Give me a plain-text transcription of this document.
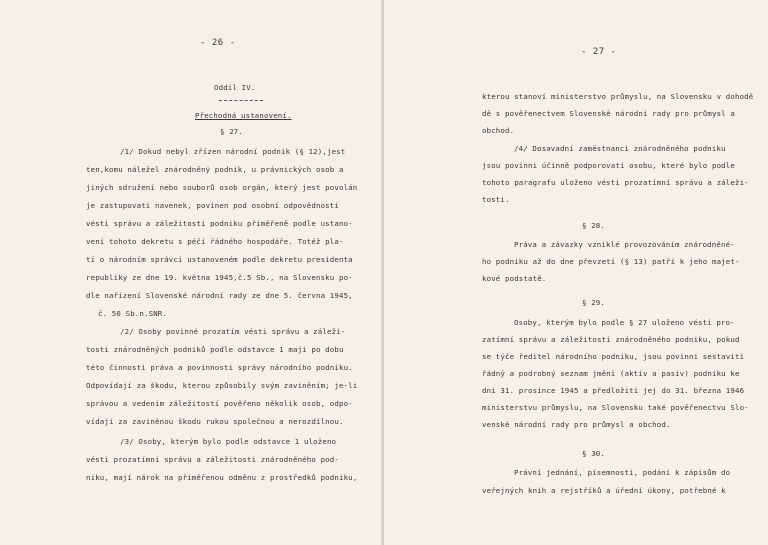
- 26 -
Oddíl IV.
Přechodná ustanovení.
§ 27.
/1/ Dokud nebyl zřízen národní podnik (§ 12),jest
ten,komu náležel znárodněný podnik, u právnických osob a
jiných sdružení nebo souborů osob orgán, který jest povolán
je zastupovati navenek, povinen pod osobní odpovědností
vésti správu a záležitosti podniku přiměřeně podle ustano-
vení tohoto dekretu s péčí řádného hospodáře. Totéž pla-
tí o národním správci ustanoveném podle dekretu presidenta
republiky ze dne 19. května 1945,č.5 Sb., na Slovensku po-
dle nařízení Slovenské národní rady ze dne 5. června 1945,
č. 50 Sb.n.SNR.
/2/ Osoby povinné prozatím vésti správu a záleži-
tosti znárodněných podniků podle odstavce 1 mají po dobu
této činnosti práva a povinnosti správy národního podniku.
Odpovídají za škodu, kterou způsobily svým zaviněním; je-li
správou a vedením záležitostí pověřeno několik osob, odpo-
vídají za zaviněnou škodu rukou společnou a nerozdílnou.
/3/ Osoby, kterým bylo podle odstavce 1 uloženo
vésti prozatímní správu a záležitosti znárodněného pod-
niku, mají nárok na přiměřenou odměnu z prostředků podniku,
- 27 -
kterou stanoví ministerstvo průmyslu, na Slovensku v dohodě
dě s pověřenectvem Slovenské národní rady pro průmysl a
obchod.
/4/ Dosavadní zaměstnanci znárodněného podniku
jsou povinni účinně podporovati osobu, které bylo podle
tohoto paragrafu uloženo vésti prozatímní správu a záleži-
tosti.
§ 28.
Práva a závazky vzniklé provozováním znárodněné-
ho podniku až do dne převzetí (§ 13) patří k jeho majet-
kové podstatě.
§ 29.
Osoby, kterým bylo podle § 27 uloženo vésti pro-
zatímní správu a záležitosti znárodněného podniku, pokud
se týče ředitel národního podniku, jsou povinni sestaviti
řádný a podrobný seznam jmění (aktiv a pasiv) podniku ke
dni 31. prosince 1945 a předložiti jej do 31. března 1946
ministerstvu průmyslu, na Slovensku také pověřenectvu Slo-
venské národní rady pro průmysl a obchod.
§ 30.
Právní jednání, písemnosti, podání k zápisům do
veřejných knih a rejstříků a úřední úkony, potřebné k
